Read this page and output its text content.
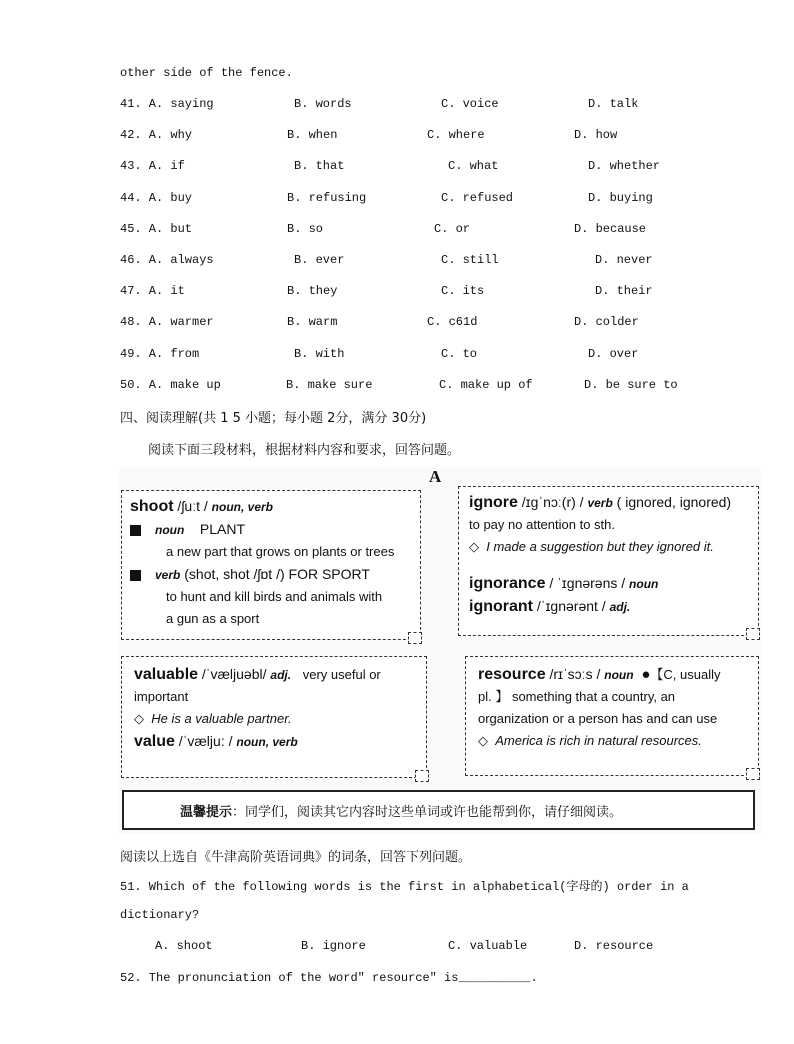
other side of the fence.
41. A. saying	B. words	C. voice	D. talk
42. A. why	B. when	C. where	D. how
43. A. if	B. that	C. what	D. whether
44. A. buy	B. refusing	C. refused	D. buying
45. A. but	B. so	C. or	D. because
46. A. always	B. ever	C. still	D. never
47. A. it	B. they	C. its	D. their
48. A. warmer	B. warm	C. c61d	D. colder
49. A. from	B. with	C. to	D. over
50. A. make up	B. make sure	C. make up of	D. be sure to
四、阅读理解(共 1 5 小题；每小题 2分，满分 30分)
阅读下面三段材料，根据材料内容和要求，回答问题。
A
shoot /ʃuːt / noun, verb
noun PLANT
a new part that grows on plants or trees
verb (shot, shot /ʃɒt /) FOR SPORT
to hunt and kill birds and animals with
a gun as a sport
ignore /ɪgˈnɔː(r) / verb ( ignored, ignored)
to pay no attention to sth.
◇  I made a suggestion but they ignored it.
ignorance / ˈɪgnərəns / noun
ignorant /ˈɪgnərənt / adj.
valuable /ˈvæljuəbl/ adj. very useful or
important
◇  He is a valuable partner.
value /ˈvælju: / noun, verb
resource /rɪˈsɔːs / noun ●【C, usually
pl. 】 something that a country, an
organization or a person has and can use
◇  America is rich in natural resources.
温馨提示 ：同学们，阅读其它内容时这些单词或许也能帮到你，请仔细阅读。
阅读以上选自《牛津高阶英语词典》的词条，回答下列问题。
51. Which of the following words is the first in alphabetical(字母的) order in a
dictionary?
A. shoot	B. ignore	C. valuable	D. resource
52. The pronunciation of the word" resource" is__________.
